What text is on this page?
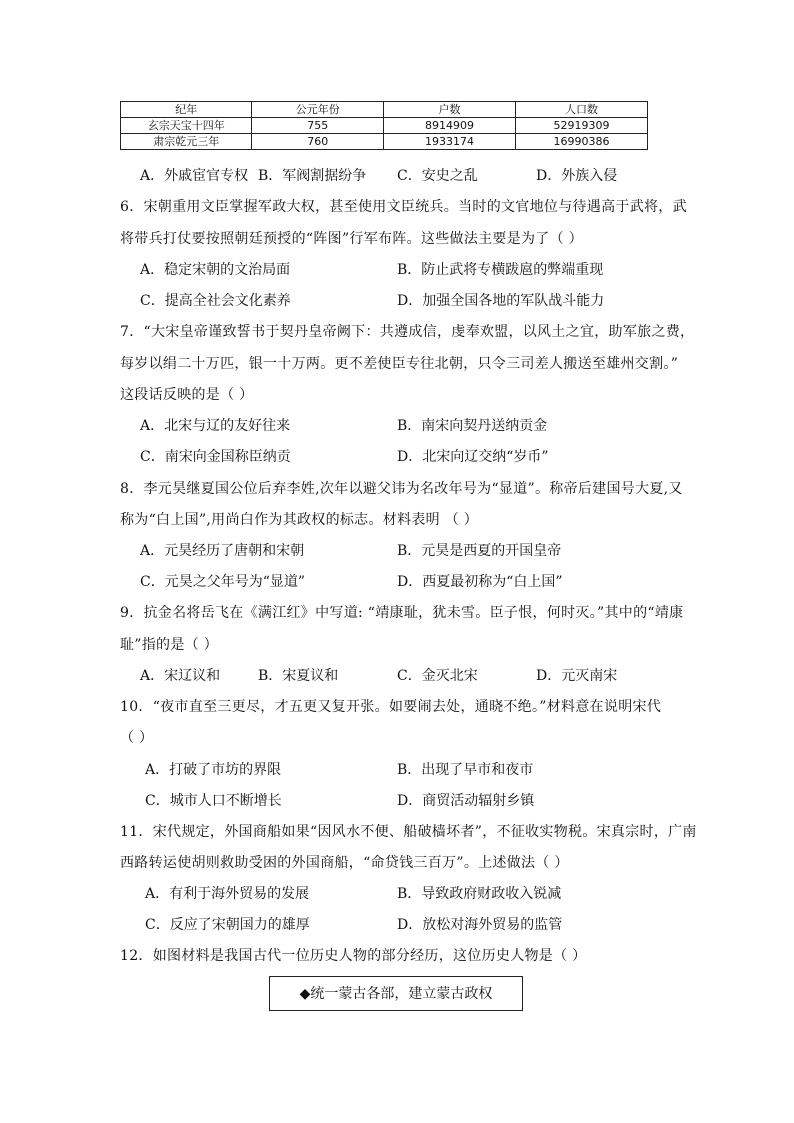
纪年	公元年份	户数	人口数
玄宗天宝十四年	755	8914909	52919309
肃宗乾元三年	760	1933174	16990386
A．外戚宦官专权 B．军阀割据纷争 C．安史之乱	D．外族入侵
6．宋朝重用文臣掌握军政大权，甚至使用文臣统兵。当时的文官地位与待遇高于武将，武
将带兵打仗要按照朝廷预授的“阵图”行军布阵。这些做法主要是为了（ ）
A．稳定宋朝的文治局面	B．防止武将专横跋扈的弊端重现
C．提高全社会文化素养	D．加强全国各地的军队战斗能力
7．“大宋皇帝谨致誓书于契丹皇帝阙下：共遵成信，虔奉欢盟，以风土之宜，助军旅之费，
每岁以绢二十万匹，银一十万两。更不差使臣专往北朝，只令三司差人搬送至雄州交割。”
这段话反映的是（ ）
A．北宋与辽的友好往来	B．南宋向契丹送纳贡金
C．南宋向金国称臣纳贡	D．北宋向辽交纳“岁币”
8．李元昊继夏国公位后弃李姓,次年以避父讳为名改年号为“显道”。称帝后建国号大夏,又
称为“白上国”,用尚白作为其政权的标志。材料表明 （ ）
A．元昊经历了唐朝和宋朝	B．元昊是西夏的开国皇帝
C．元昊之父年号为“显道”	D．西夏最初称为“白上国”
9．抗金名将岳飞在《满江红》中写道: “靖康耻，犹未雪。臣子恨，何时灭。”其中的“靖康
耻”指的是（ ）
A．宋辽议和	B．宋夏议和	C．金灭北宋	D．元灭南宋
10．“夜市直至三更尽，才五更又复开张。如要闹去处，通晓不绝。”材料意在说明宋代
（ ）
A．打破了市坊的界限	B．出现了早市和夜市
C．城市人口不断增长	D．商贸活动辐射乡镇
11．宋代规定，外国商船如果“因风水不便、船破樯坏者”，不征收实物税。宋真宗时，广南
西路转运使胡则救助受困的外国商船，“命贷钱三百万”。上述做法（ ）
A．有利于海外贸易的发展	B．导致政府财政收入锐减
C．反应了宋朝国力的雄厚	D．放松对海外贸易的监管
12．如图材料是我国古代一位历史人物的部分经历，这位历史人物是（ ）
◆统一蒙古各部，建立蒙古政权
